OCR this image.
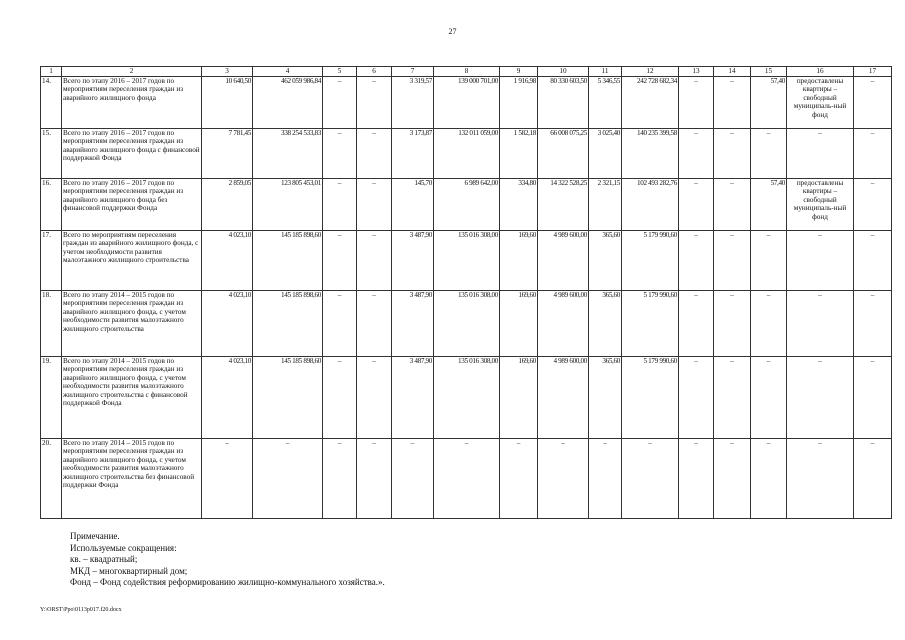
27
1	2	3	4	5	6	7	8	9	10	11	12	13	14	15	16	17
14.	Всего по этапу 2016 – 2017 годов по мероприятиям переселения граждан из аварийного жилищного фонда	10 640,50	462 059 986,84	–	–	3 319,57	139 000 701,00	1 916,98	80 330 603,50	5 346,55	242 728 682,34	–	–	57,40	предоставлены квартиры – свободный муниципаль-ный фонд	–
15.	Всего по этапу 2016 – 2017 годов по мероприятиям переселения граждан из аварийного жилищного фонда с финансовой поддержкой Фонда	7 781,45	338 254 533,83	–	–	3 173,87	132 011 059,00	1 582,18	66 008 075,25	3 025,40	140 235 399,58	–	–	–	–	–
16.	Всего по этапу 2016 – 2017 годов по мероприятиям переселения граждан из аварийного жилищного фонда без финансовой поддержки Фонда	2 859,05	123 805 453,01	–	–	145,70	6 989 642,00	334,80	14 322 528,25	2 321,15	102 493 282,76	–	–	57,40	предоставлены квартиры – свободный муниципаль-ный фонд	–
17.	Всего по мероприятиям переселения граждан из аварийного жилищного фонда, с учетом необходимости развития малоэтажного жилищного строительства	4 023,10	145 185 898,60	–	–	3 487,90	135 016 308,00	169,60	4 989 600,00	365,60	5 179 990,60	–	–	–	–	–
18.	Всего по этапу 2014 – 2015 годов по мероприятиям переселения граждан из аварийного жилищного фонда, с учетом необходимости развития малоэтажного жилищного строительства	4 023,10	145 185 898,60	–	–	3 487,90	135 016 308,00	169,60	4 989 600,00	365,60	5 179 990,60	–	–	–	–	–
19.	Всего по этапу 2014 – 2015 годов по мероприятиям переселения граждан из аварийного жилищного фонда, с учетом необходимости развития малоэтажного жилищного строительства с финансовой поддержкой Фонда	4 023,10	145 185 898,60	–	–	3 487,90	135 016 308,00	169,60	4 989 600,00	365,60	5 179 990,60	–	–	–	–	–
20.	Всего по этапу 2014 – 2015 годов по мероприятиям переселения граждан из аварийного жилищного фонда, с учетом необходимости развития малоэтажного жилищного строительства без финансовой поддержки Фонда	–	–	–	–	–	–	–	–	–	–	–	–	–	–	–
Примечание.
Используемые сокращения:
кв. – квадратный;
МКД – многоквартирный дом;
Фонд – Фонд содействия реформированию жилищно-коммунального хозяйства.».
Y:\ORST\Ppo\0113p017.f20.docx
